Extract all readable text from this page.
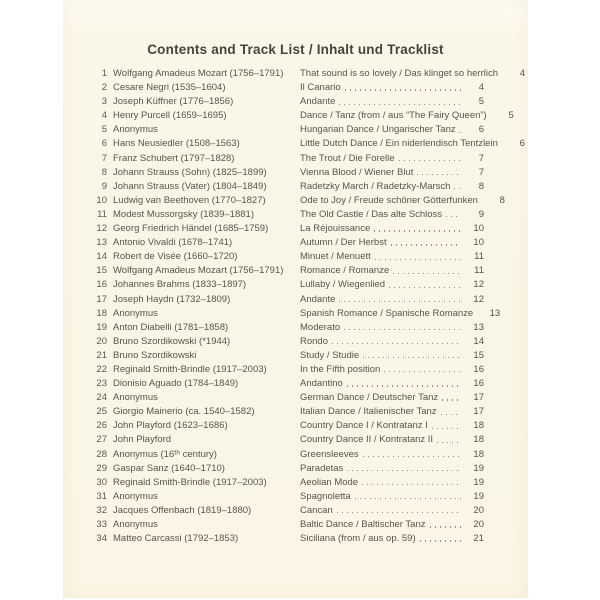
Contents and Track List / Inhalt und Tracklist
1 Wolfgang Amadeus Mozart (1756–1791)	That sound is so lovely / Das klinget so herrlich	4
2 Cesare Negri (1535–1604)	Il Canario	4
3 Joseph Küffner (1776–1856)	Andante	5
4 Henry Purcell (1659–1695)	Dance / Tanz (from / aus “The Fairy Queen”)	5
5 Anonymus	Hungarian Dance / Ungarischer Tanz	6
6 Hans Neusiedler (1508–1563)	Little Dutch Dance / Ein niderlendisch Tentzlein	6
7 Franz Schubert (1797–1828)	The Trout / Die Forelle	7
8 Johann Strauss (Sohn) (1825–1899)	Vienna Blood / Wiener Blut	7
9 Johann Strauss (Vater) (1804–1849)	Radetzky March / Radetzky-Marsch	8
10 Ludwig van Beethoven (1770–1827)	Ode to Joy / Freude schöner Götterfunken	8
11 Modest Mussorgsky (1839–1881)	The Old Castle / Das alte Schloss	9
12 Georg Friedrich Händel (1685–1759)	La Réjouissance	10
13 Antonio Vivaldi (1678–1741)	Autumn / Der Herbst	10
14 Robert de Visée (1660–1720)	Minuet / Menuett	11
15 Wolfgang Amadeus Mozart (1756–1791)	Romance / Romanze	11
16 Johannes Brahms (1833–1897)	Lullaby / Wiegenlied	12
17 Joseph Haydn (1732–1809)	Andante	12
18 Anonymus	Spanish Romance / Spanische Romanze	13
19 Anton Diabelli (1781–1858)	Moderato	13
20 Bruno Szordikowski (*1944)	Rondo	14
21 Bruno Szordikowski	Study / Studie	15
22 Reginald Smith-Brindle (1917–2003)	In the Fifth position	16
23 Dionisio Aguado (1784–1849)	Andantino	16
24 Anonymus	German Dance / Deutscher Tanz	17
25 Giorgio Mainerio (ca. 1540–1582)	Italian Dance / Italienischer Tanz	17
26 John Playford (1623–1686)	Country Dance I / Kontratanz I	18
27 John Playford	Country Dance II / Kontratanz II	18
28 Anonymus (16ᵗʰ century)	Greensleeves	18
29 Gaspar Sanz (1640–1710)	Paradetas	19
30 Reginald Smith-Brindle (1917–2003)	Aeolian Mode	19
31 Anonymus	Spagnoletta	19
32 Jacques Offenbach (1819–1880)	Cancan	20
33 Anonymus	Baltic Dance / Baltischer Tanz	20
34 Matteo Carcassi (1792–1853)	Siciliana (from / aus op. 59)	21
